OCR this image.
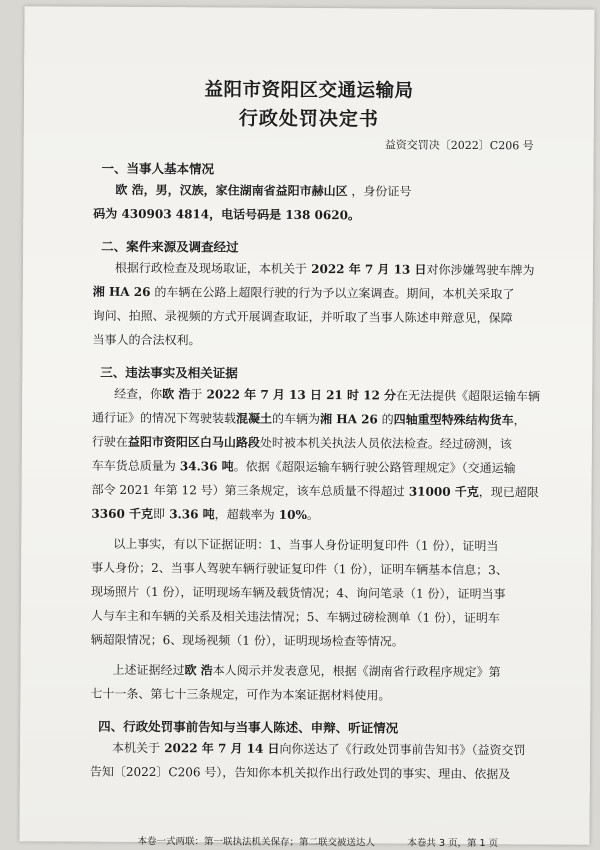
益阳市资阳区交通运输局
行政处罚决定书
益资交罚决〔2022〕C206 号
一、当事人基本情况
欧 浩，男，汉族，家住湖南省益阳市赫山区 ，身份证号
码为 430903 4814，电话号码是 138 0620。
二、案件来源及调查经过
根据行政检查及现场取证，本机关于 2022 年 7 月 13 日对你涉嫌驾驶车牌为
湘 HA 26 的车辆在公路上超限行驶的行为予以立案调查。期间，本机关采取了
询问、拍照、录视频的方式开展调查取证，并听取了当事人陈述申辩意见，保障
当事人的合法权利。
三、违法事实及相关证据
经查，你欧 浩于 2022 年 7 月 13 日 21 时 12 分在无法提供《超限运输车辆
通行证》的情况下驾驶装载混凝土的车辆为湘 HA 26 的四轴重型特殊结构货车，
行驶在益阳市资阳区白马山路段处时被本机关执法人员依法检查。经过磅测，该
车车货总质量为 34.36 吨。依据《超限运输车辆行驶公路管理规定》（交通运输
部令 2021 年第 12 号）第三条规定，该车总质量不得超过 31000 千克，现已超限
3360 千克即 3.36 吨，超载率为 10%。
以上事实，有以下证据证明：1、当事人身份证明复印件（1 份），证明当
事人身份；2、当事人驾驶车辆行驶证复印件（1 份），证明车辆基本信息；3、
现场照片（1 份），证明现场车辆及载货情况；4、询问笔录（1 份），证明当事
人与车主和车辆的关系及相关违法情况；5、车辆过磅检测单（1 份），证明车
辆超限情况；6、现场视频（1 份），证明现场检查等情况。
上述证据经过欧 浩本人阅示并发表意见，根据《湖南省行政程序规定》第
七十一条、第七十三条规定，可作为本案证据材料使用。
四、行政处罚事前告知与当事人陈述、申辩、听证情况
本机关于 2022 年 7 月 14 日向你送达了《行政处罚事前告知书》（益资交罚
告知〔2022〕C206 号），告知你本机关拟作出行政处罚的事实、理由、依据及
本卷一式两联：第一联执法机关保存；第二联交被送达人	本卷共 3 页，第 1 页
